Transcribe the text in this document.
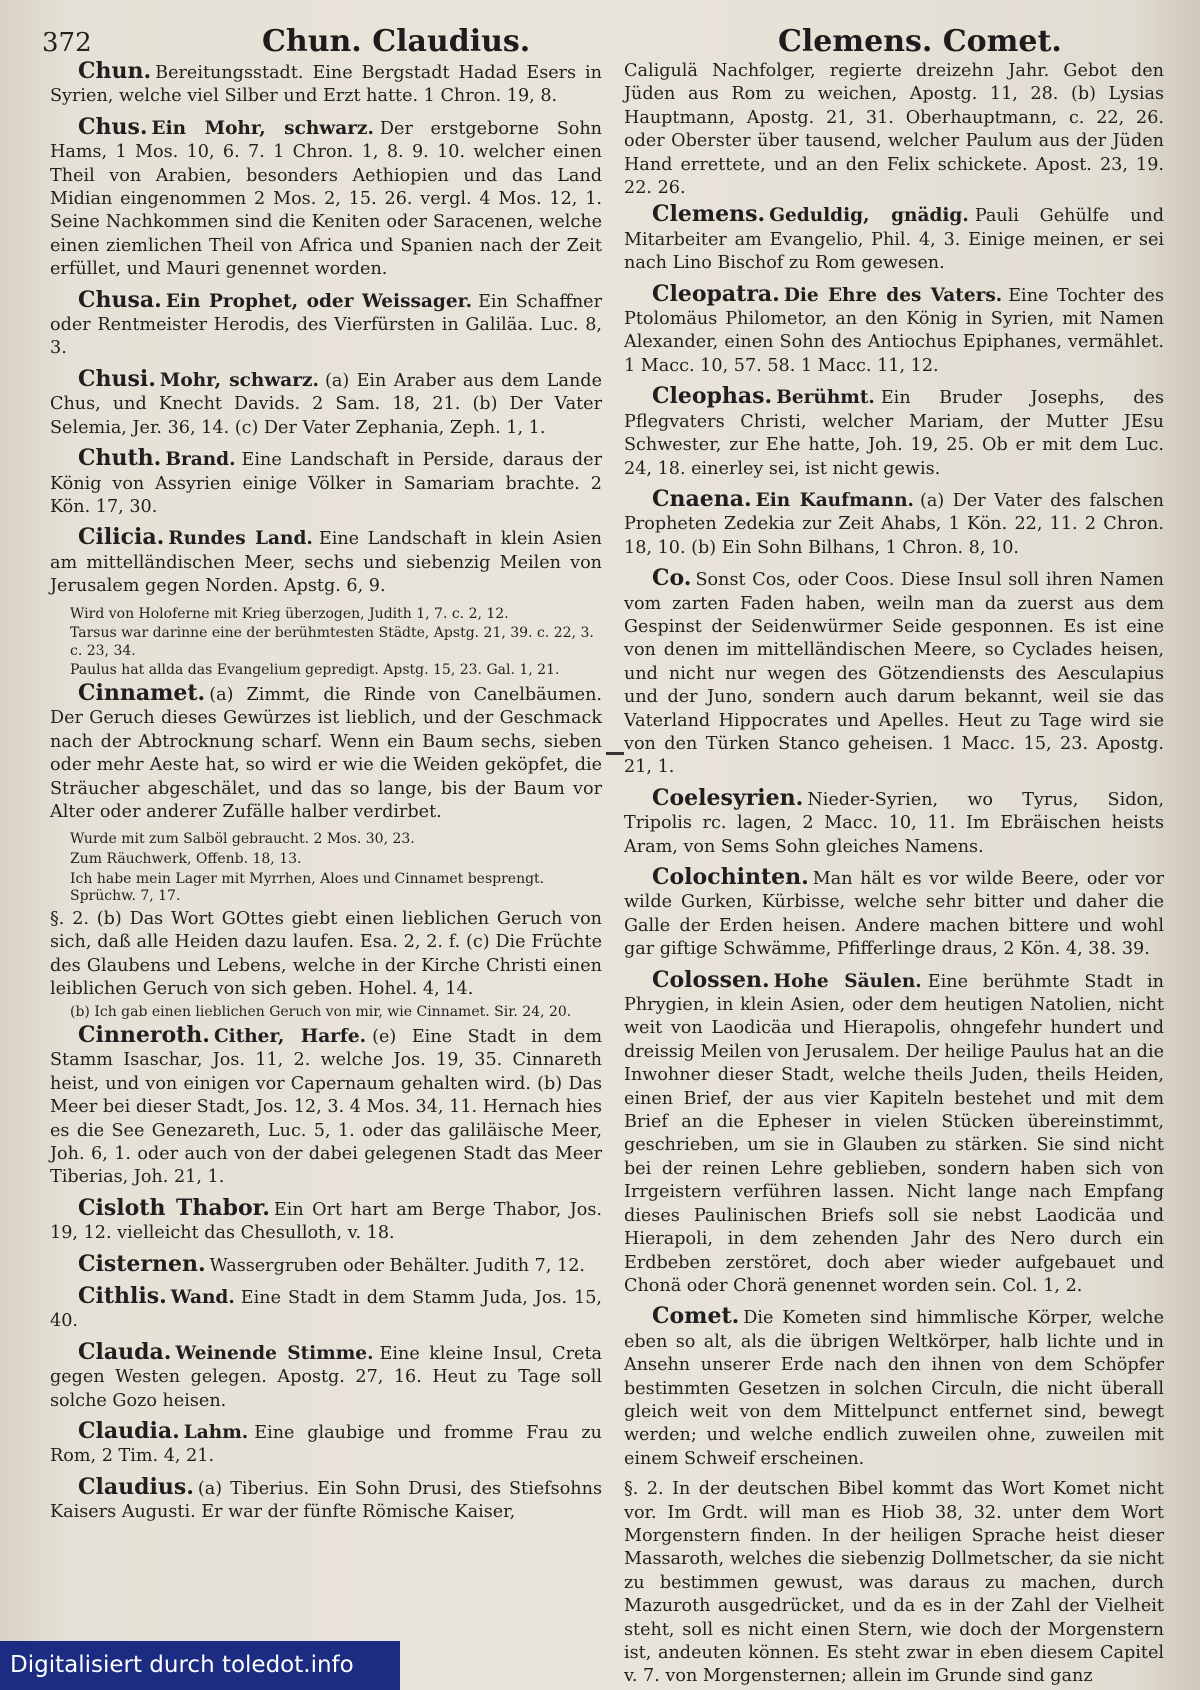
372	Chun. Claudius.	Clemens. Comet.
Chun. Bereitungsstadt. Eine Bergstadt Hadad Esers in Syrien, welche viel Silber und Erzt hatte. 1 Chron. 19, 8.
Chus. Ein Mohr, schwarz. Der erstgeborne Sohn Hams, 1 Mos. 10, 6. 7. 1 Chron. 1, 8. 9. 10. welcher einen Theil von Arabien, besonders Aethiopien und das Land Midian eingenommen 2 Mos. 2, 15. 26. vergl. 4 Mos. 12, 1. Seine Nachkommen sind die Keniten oder Saracenen, welche einen ziemlichen Theil von Africa und Spanien nach der Zeit erfüllet, und Mauri genennet worden.
Chusa. Ein Prophet, oder Weissager. Ein Schaffner oder Rentmeister Herodis, des Vierfürsten in Galiläa. Luc. 8, 3.
Chusi. Mohr, schwarz. (a) Ein Araber aus dem Lande Chus, und Knecht Davids. 2 Sam. 18, 21. (b) Der Vater Selemia, Jer. 36, 14. (c) Der Vater Zephania, Zeph. 1, 1.
Chuth. Brand. Eine Landschaft in Perside, daraus der König von Assyrien einige Völker in Samariam brachte. 2 Kön. 17, 30.
Cilicia. Rundes Land. Eine Landschaft in klein Asien am mittelländischen Meer, sechs und siebenzig Meilen von Jerusalem gegen Norden. Apstg. 6, 9.
Wird von Holoferne mit Krieg überzogen, Judith 1, 7. c. 2, 12.
Tarsus war darinne eine der berühmtesten Städte, Apstg. 21, 39. c. 22, 3. c. 23, 34.
Paulus hat allda das Evangelium gepredigt. Apstg. 15, 23. Gal. 1, 21.
Cinnamet. (a) Zimmt, die Rinde von Canelbäumen. Der Geruch dieses Gewürzes ist lieblich, und der Geschmack nach der Abtrocknung scharf. Wenn ein Baum sechs, sieben oder mehr Aeste hat, so wird er wie die Weiden geköpfet, die Sträucher abgeschälet, und das so lange, bis der Baum vor Alter oder anderer Zufälle halber verdirbet.
Wurde mit zum Salböl gebraucht. 2 Mos. 30, 23.
Zum Räuchwerk, Offenb. 18, 13.
Ich habe mein Lager mit Myrrhen, Aloes und Cinnamet besprengt. Sprüchw. 7, 17.
§. 2. (b) Das Wort GOttes giebt einen lieblichen Geruch von sich, daß alle Heiden dazu laufen. Esa. 2, 2. f. (c) Die Früchte des Glaubens und Lebens, welche in der Kirche Christi einen leiblichen Geruch von sich geben. Hohel. 4, 14.
(b) Ich gab einen lieblichen Geruch von mir, wie Cinnamet. Sir. 24, 20.
Cinneroth. Cither, Harfe. (e) Eine Stadt in dem Stamm Isaschar, Jos. 11, 2. welche Jos. 19, 35. Cinnareth heist, und von einigen vor Capernaum gehalten wird. (b) Das Meer bei dieser Stadt, Jos. 12, 3. 4 Mos. 34, 11. Hernach hies es die See Genezareth, Luc. 5, 1. oder das galiläische Meer, Joh. 6, 1. oder auch von der dabei gelegenen Stadt das Meer Tiberias, Joh. 21, 1.
Cisloth Thabor. Ein Ort hart am Berge Thabor, Jos. 19, 12. vielleicht das Chesulloth, v. 18.
Cisternen. Wassergruben oder Behälter. Judith 7, 12.
Cithlis. Wand. Eine Stadt in dem Stamm Juda, Jos. 15, 40.
Clauda. Weinende Stimme. Eine kleine Insul, Creta gegen Westen gelegen. Apostg. 27, 16. Heut zu Tage soll solche Gozo heisen.
Claudia. Lahm. Eine glaubige und fromme Frau zu Rom, 2 Tim. 4, 21.
Claudius. (a) Tiberius. Ein Sohn Drusi, des Stiefsohns Kaisers Augusti. Er war der fünfte Römische Kaiser,
Caligulä Nachfolger, regierte dreizehn Jahr. Gebot den Jüden aus Rom zu weichen, Apostg. 11, 28. (b) Lysias Hauptmann, Apostg. 21, 31. Oberhauptmann, c. 22, 26. oder Oberster über tausend, welcher Paulum aus der Jüden Hand errettete, und an den Felix schickete. Apost. 23, 19. 22. 26.
Clemens. Geduldig, gnädig. Pauli Gehülfe und Mitarbeiter am Evangelio, Phil. 4, 3. Einige meinen, er sei nach Lino Bischof zu Rom gewesen.
Cleopatra. Die Ehre des Vaters. Eine Tochter des Ptolomäus Philometor, an den König in Syrien, mit Namen Alexander, einen Sohn des Antiochus Epiphanes, vermählet. 1 Macc. 10, 57. 58. 1 Macc. 11, 12.
Cleophas. Berühmt. Ein Bruder Josephs, des Pflegvaters Christi, welcher Mariam, der Mutter JEsu Schwester, zur Ehe hatte, Joh. 19, 25. Ob er mit dem Luc. 24, 18. einerley sei, ist nicht gewis.
Cnaena. Ein Kaufmann. (a) Der Vater des falschen Propheten Zedekia zur Zeit Ahabs, 1 Kön. 22, 11. 2 Chron. 18, 10. (b) Ein Sohn Bilhans, 1 Chron. 8, 10.
Co. Sonst Cos, oder Coos. Diese Insul soll ihren Namen vom zarten Faden haben, weiln man da zuerst aus dem Gespinst der Seidenwürmer Seide gesponnen. Es ist eine von denen im mittelländischen Meere, so Cyclades heisen, und nicht nur wegen des Götzendiensts des Aesculapius und der Juno, sondern auch darum bekannt, weil sie das Vaterland Hippocrates und Apelles. Heut zu Tage wird sie von den Türken Stanco geheisen. 1 Macc. 15, 23. Apostg. 21, 1.
Coelesyrien. Nieder-Syrien, wo Tyrus, Sidon, Tripolis rc. lagen, 2 Macc. 10, 11. Im Ebräischen heists Aram, von Sems Sohn gleiches Namens.
Colochinten. Man hält es vor wilde Beere, oder vor wilde Gurken, Kürbisse, welche sehr bitter und daher die Galle der Erden heisen. Andere machen bittere und wohl gar giftige Schwämme, Pfifferlinge draus, 2 Kön. 4, 38. 39.
Colossen. Hohe Säulen. Eine berühmte Stadt in Phrygien, in klein Asien, oder dem heutigen Natolien, nicht weit von Laodicäa und Hierapolis, ohngefehr hundert und dreissig Meilen von Jerusalem. Der heilige Paulus hat an die Inwohner dieser Stadt, welche theils Juden, theils Heiden, einen Brief, der aus vier Kapiteln bestehet und mit dem Brief an die Epheser in vielen Stücken übereinstimmt, geschrieben, um sie in Glauben zu stärken. Sie sind nicht bei der reinen Lehre geblieben, sondern haben sich von Irrgeistern verführen lassen. Nicht lange nach Empfang dieses Paulinischen Briefs soll sie nebst Laodicäa und Hierapoli, in dem zehenden Jahr des Nero durch ein Erdbeben zerstöret, doch aber wieder aufgebauet und Chonä oder Chorä genennet worden sein. Col. 1, 2.
Comet. Die Kometen sind himmlische Körper, welche eben so alt, als die übrigen Weltkörper, halb lichte und in Ansehn unserer Erde nach den ihnen von dem Schöpfer bestimmten Gesetzen in solchen Circuln, die nicht überall gleich weit von dem Mittelpunct entfernet sind, bewegt werden; und welche endlich zuweilen ohne, zuweilen mit einem Schweif erscheinen.
§. 2. In der deutschen Bibel kommt das Wort Komet nicht vor. Im Grdt. will man es Hiob 38, 32. unter dem Wort Morgenstern finden. In der heiligen Sprache heist dieser Massaroth, welches die siebenzig Dollmetscher, da sie nicht zu bestimmen gewust, was daraus zu machen, durch Mazuroth ausgedrücket, und da es in der Zahl der Vielheit steht, soll es nicht einen Stern, wie doch der Morgenstern ist, andeuten können. Es steht zwar in eben diesem Capitel v. 7. von Morgensternen; allein im Grunde sind ganz
Digitalisiert durch toledot.info
